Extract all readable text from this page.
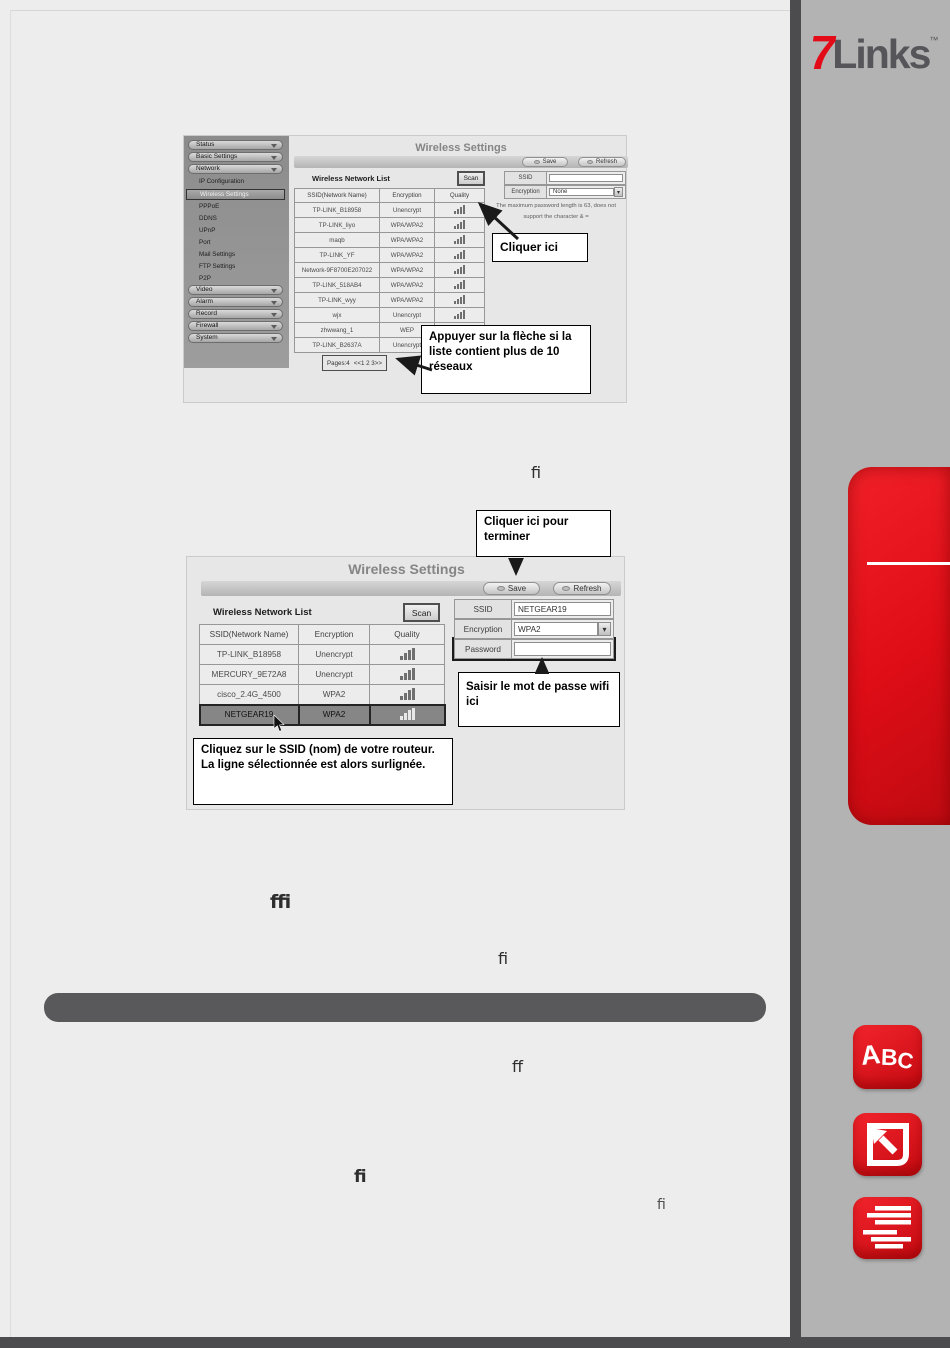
7
Links ™
A
B
C
Status
Basic Settings
Network
IP Configuration
Wireless Settings
PPPoE
DDNS
UPnP
Port
Mail Settings
FTP Settings
P2P
Video
Alarm
Record
Firewall
System
Wireless Settings
Save	Refresh
Wireless Network List	Scan
SSID(Network Name)	Encryption	Quality
TP-LINK_B18958	Unencrypt	

TP-LINK_liyo	WPA/WPA2	

maqb	WPA/WPA2	

TP-LINK_YF	WPA/WPA2	

Network-9F8700E207022	WPA/WPA2	

TP-LINK_518AB4	WPA/WPA2	

TP-LINK_wyy	WPA/WPA2	

wjx	Unencrypt	

zhwwang_1	WEP	

TP-LINK_B2637A	Unencrypt	
Pages:4 <<1 2 3>>
SSID
Encryption	None	▾
The maximum password length is 63, does not
support the character & =
Cliquer ici
Appuyer sur la flèche si la liste contient plus de 10 réseaux
fi
ffi
fi
ff
fi
fi
Wireless Settings
Save	Refresh
Wireless Network List	Scan
SSID(Network Name)	Encryption	Quality
TP-LINK_B18958	Unencrypt	

MERCURY_9E72A8	Unencrypt	

cisco_2.4G_4500	WPA2	

NETGEAR19	WPA2	
SSID	NETGEAR19
Encryption	WPA2	▾
Password
Cliquer ici pour terminer
Saisir le mot de passe wifi ici
Cliquez sur le SSID (nom) de votre routeur. La ligne sélectionnée est alors surlignée.
